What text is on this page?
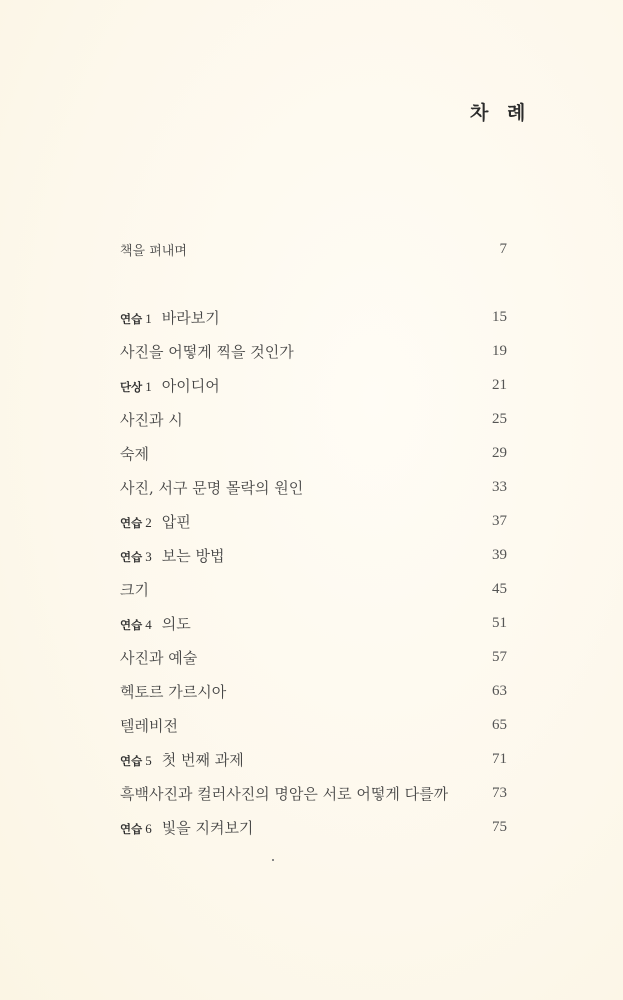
차 례
책을 펴내며	7
연습 1 바라보기	15
사진을 어떻게 찍을 것인가	19
단상 1 아이디어	21
사진과 시	25
숙제	29
사진, 서구 문명 몰락의 원인	33
연습 2 압핀	37
연습 3 보는 방법	39
크기	45
연습 4 의도	51
사진과 예술	57
헥토르 가르시아	63
텔레비전	65
연습 5 첫 번째 과제	71
흑백사진과 컬러사진의 명암은 서로 어떻게 다를까	73
연습 6 빛을 지켜보기	75
